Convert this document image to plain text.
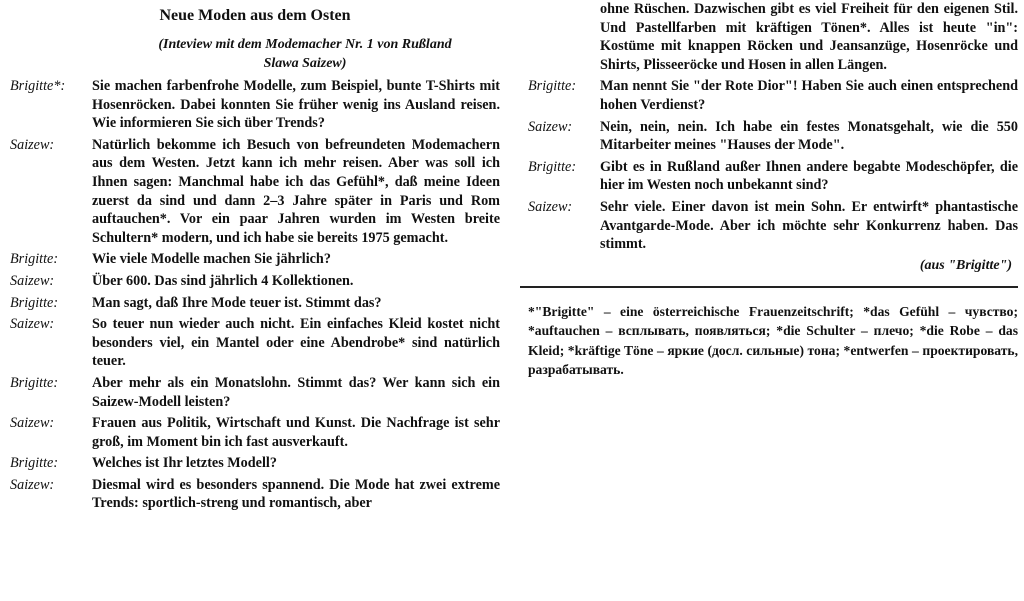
Neue Moden aus dem Osten
(Inteview mit dem Modemacher Nr. 1 von Rußland Slawa Saizew)
Brigitte*:	Sie machen farbenfrohe Modelle, zum Beispiel, bunte T-Shirts mit Hosenröcken. Dabei konnten Sie früher wenig ins Ausland reisen. Wie informieren Sie sich über Trends?
Saizew:	Natürlich bekomme ich Besuch von befreundeten Modemachern aus dem Westen. Jetzt kann ich mehr reisen. Aber was soll ich Ihnen sagen: Manchmal habe ich das Gefühl*, daß meine Ideen zuerst da sind und dann 2–3 Jahre später in Paris und Rom auftauchen*. Vor ein paar Jahren wurden im Westen breite Schultern* modern, und ich habe sie bereits 1975 gemacht.
Brigitte:	Wie viele Modelle machen Sie jährlich?
Saizew:	Über 600. Das sind jährlich 4 Kollektionen.
Brigitte:	Man sagt, daß Ihre Mode teuer ist. Stimmt das?
Saizew:	So teuer nun wieder auch nicht. Ein einfaches Kleid kostet nicht besonders viel, ein Mantel oder eine Abendrobe* sind natürlich teuer.
Brigitte:	Aber mehr als ein Monatslohn. Stimmt das? Wer kann sich ein Saizew-Modell leisten?
Saizew:	Frauen aus Politik, Wirtschaft und Kunst. Die Nachfrage ist sehr groß, im Moment bin ich fast ausverkauft.
Brigitte:	Welches ist Ihr letztes Modell?
Saizew:	Diesmal wird es besonders spannend. Die Mode hat zwei extreme Trends: sportlich-streng und romantisch, aber
ohne Rüschen. Dazwischen gibt es viel Freiheit für den eigenen Stil. Und Pastellfarben mit kräftigen Tönen*. Alles ist heute "in": Kostüme mit knappen Röcken und Jeansanzüge, Hosenröcke und Shirts, Plisseeröcke und Hosen in allen Längen.
Brigitte:	Man nennt Sie "der Rote Dior"! Haben Sie auch einen entsprechend hohen Verdienst?
Saizew:	Nein, nein, nein. Ich habe ein festes Monatsgehalt, wie die 550 Mitarbeiter meines "Hauses der Mode".
Brigitte:	Gibt es in Rußland außer Ihnen andere begabte Modeschöpfer, die hier im Westen noch unbekannt sind?
Saizew:	Sehr viele. Einer davon ist mein Sohn. Er entwirft* phantastische Avantgarde-Mode. Aber ich möchte sehr Konkurrenz haben. Das stimmt.
(aus "Brigitte")
*"Brigitte" – eine österreichische Frauenzeitschrift; *das Gefühl – чувство; *auftauchen – всплывать, появляться; *die Schulter – плечо; *die Robe – das Kleid; *kräftige Töne – яркие (досл. сильные) тона; *entwerfen – проектировать, разрабатывать.
